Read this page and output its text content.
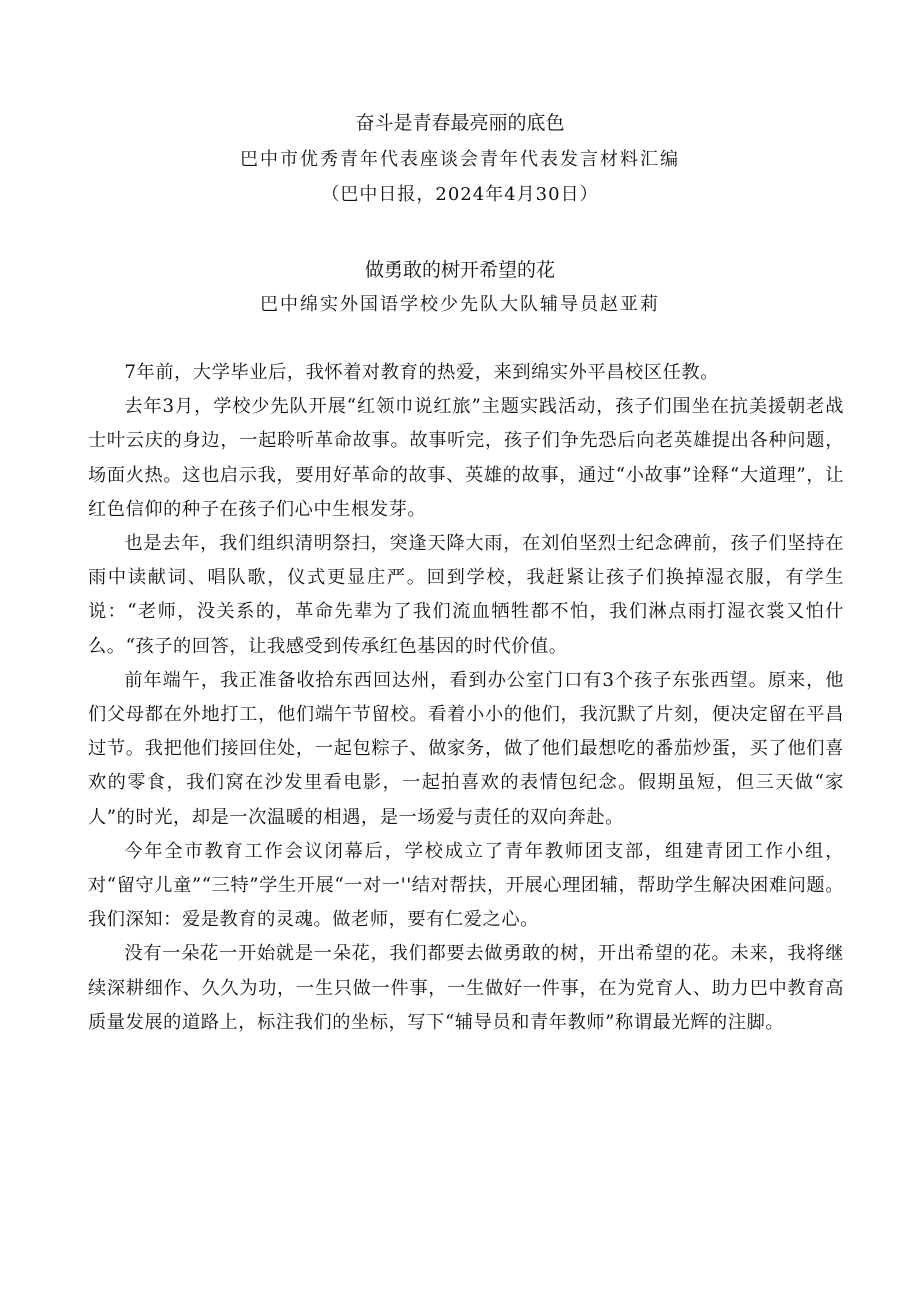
奋斗是青春最亮丽的底色
巴中市优秀青年代表座谈会青年代表发言材料汇编
（巴中日报，2024年4月30日）
做勇敢的树开希望的花
巴中绵实外国语学校少先队大队辅导员赵亚莉

7年前，大学毕业后，我怀着对教育的热爱，来到绵实外平昌校区任教。

去年3月，学校少先队开展“红领巾说红旅”主题实践活动，孩子们围坐在抗美援朝老战士叶云庆的身边，一起聆听革命故事。故事听完，孩子们争先恐后向老英雄提出各种问题，场面火热。这也启示我，要用好革命的故事、英雄的故事，通过“小故事”诠释“大道理”，让红色信仰的种子在孩子们心中生根发芽。

也是去年，我们组织清明祭扫，突逢天降大雨，在刘伯坚烈士纪念碑前，孩子们坚持在雨中读献词、唱队歌，仪式更显庄严。回到学校，我赶紧让孩子们换掉湿衣服，有学生说：“老师，没关系的，革命先辈为了我们流血牺牲都不怕，我们淋点雨打湿衣裳又怕什么。“孩子的回答，让我感受到传承红色基因的时代价值。

前年端午，我正准备收拾东西回达州，看到办公室门口有3个孩子东张西望。原来，他们父母都在外地打工，他们端午节留校。看着小小的他们，我沉默了片刻，便决定留在平昌过节。我把他们接回住处，一起包粽子、做家务，做了他们最想吃的番茄炒蛋，买了他们喜欢的零食，我们窝在沙发里看电影，一起拍喜欢的表情包纪念。假期虽短，但三天做“家人”的时光，却是一次温暖的相遇，是一场爱与责任的双向奔赴。

今年全市教育工作会议闭幕后，学校成立了青年教师团支部，组建青团工作小组，对“留守儿童”“三特”学生开展“一对一''结对帮扶，开展心理团辅，帮助学生解决困难问题。我们深知：爱是教育的灵魂。做老师，要有仁爱之心。

没有一朵花一开始就是一朵花，我们都要去做勇敢的树，开出希望的花。未来，我将继续深耕细作、久久为功，一生只做一件事，一生做好一件事，在为党育人、助力巴中教育高质量发展的道路上，标注我们的坐标，写下“辅导员和青年教师”称谓最光辉的注脚。
